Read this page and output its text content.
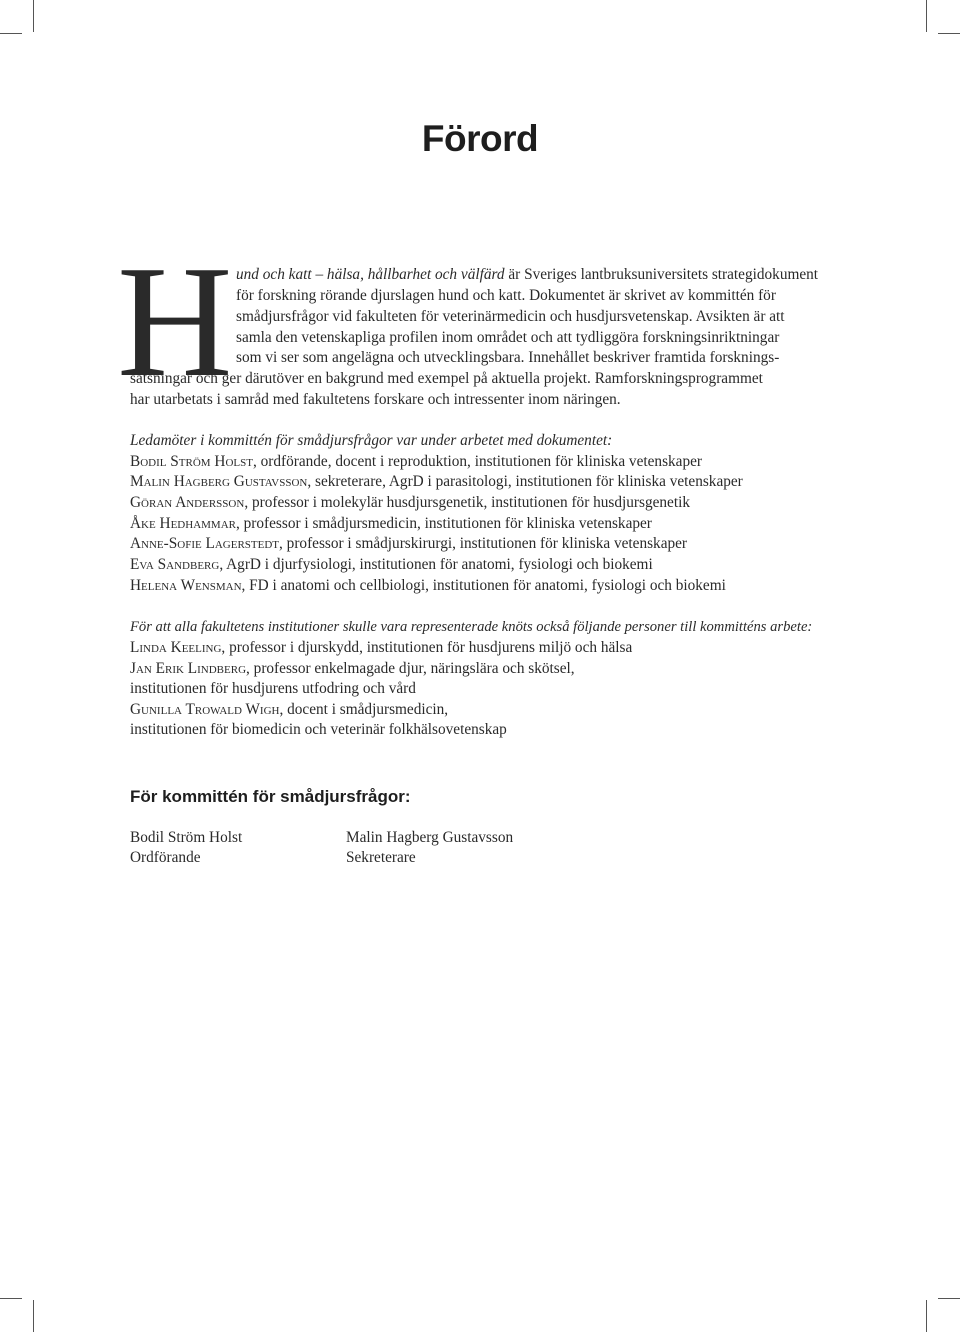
Förord
H und och katt – hälsa, hållbarhet och välfärd är Sveriges lantbruksuniversitets strategidokument
för forskning rörande djurslagen hund och katt. Dokumentet är skrivet av kommittén för
smådjursfrågor vid fakulteten för veterinärmedicin och husdjursvetenskap. Avsikten är att
samla den vetenskapliga profilen inom området och att tydliggöra forskningsinriktningar
som vi ser som angelägna och utvecklingsbara. Innehållet beskriver framtida forsknings-
satsningar och ger därutöver en bakgrund med exempel på aktuella projekt. Ramforskningsprogrammet
har utarbetats i samråd med fakultetens forskare och intressenter inom näringen.
Ledamöter i kommittén för smådjursfrågor var under arbetet med dokumentet:
Bodil Ström Holst, ordförande, docent i reproduktion, institutionen för kliniska vetenskaper
Malin Hagberg Gustavsson, sekreterare, AgrD i parasitologi, institutionen för kliniska vetenskaper
Göran Andersson, professor i molekylär husdjursgenetik, institutionen för husdjursgenetik
Åke Hedhammar, professor i smådjursmedicin, institutionen för kliniska vetenskaper
Anne-Sofie Lagerstedt, professor i smådjurskirurgi, institutionen för kliniska vetenskaper
Eva Sandberg, AgrD i djurfysiologi, institutionen för anatomi, fysiologi och biokemi
Helena Wensman, FD i anatomi och cellbiologi, institutionen för anatomi, fysiologi och biokemi
För att alla fakultetens institutioner skulle vara representerade knöts också följande personer till kommitténs arbete:
Linda Keeling, professor i djurskydd, institutionen för husdjurens miljö och hälsa
Jan Erik Lindberg, professor enkelmagade djur, näringslära och skötsel,
institutionen för husdjurens utfodring och vård
Gunilla Trowald Wigh, docent i smådjursmedicin,
institutionen för biomedicin och veterinär folkhälsovetenskap
För kommittén för smådjursfrågor:
Bodil Ström Holst
Ordförande
Malin Hagberg Gustavsson
Sekreterare
